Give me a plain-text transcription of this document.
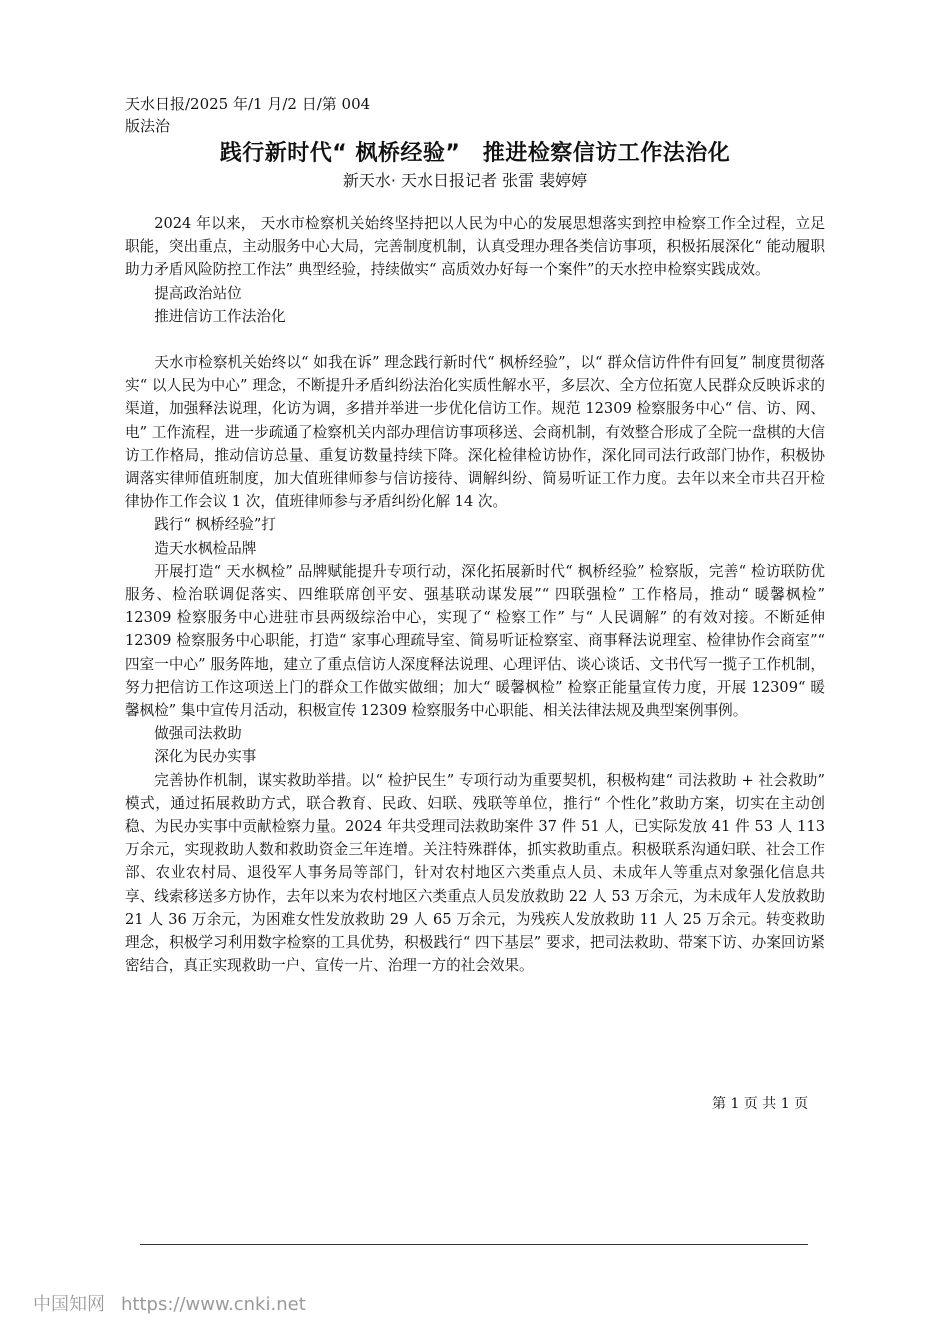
天水日报/2025 年/1 月/2 日/第 004
版法治
践行新时代“ 枫桥经验”　推进检察信访工作法治化
新天水· 天水日报记者 张雷 裴婷婷

2024 年以来， 天水市检察机关始终坚持把以人民为中心的发展思想落实到控申检察工作全过程，立足职能，突出重点，主动服务中心大局，完善制度机制，认真受理办理各类信访事项，积极拓展深化“ 能动履职助力矛盾风险防控工作法” 典型经验，持续做实“ 高质效办好每一个案件”的天水控申检察实践成效。

提高政治站位

推进信访工作法治化

天水市检察机关始终以“ 如我在诉” 理念践行新时代“ 枫桥经验”，以“ 群众信访件件有回复” 制度贯彻落实“ 以人民为中心” 理念，不断提升矛盾纠纷法治化实质性解水平，多层次、全方位拓宽人民群众反映诉求的渠道，加强释法说理，化访为调，多措并举进一步优化信访工作。规范 12309 检察服务中心“ 信、访、网、电” 工作流程，进一步疏通了检察机关内部办理信访事项移送、会商机制，有效整合形成了全院一盘棋的大信访工作格局，推动信访总量、重复访数量持续下降。深化检律检访协作，深化同司法行政部门协作，积极协调落实律师值班制度，加大值班律师参与信访接待、调解纠纷、简易听证工作力度。去年以来全市共召开检律协作工作会议 1 次，值班律师参与矛盾纠纷化解 14 次。

践行“ 枫桥经验”打

造天水枫检品牌

开展打造“ 天水枫检” 品牌赋能提升专项行动，深化拓展新时代“ 枫桥经验” 检察版，完善“ 检访联防优服务、检治联调促落实、四维联席创平安、强基联动谋发展”“ 四联强检” 工作格局，推动“ 暖馨枫检” 12309 检察服务中心进驻市县两级综治中心，实现了“ 检察工作” 与“ 人民调解” 的有效对接。不断延伸 12309 检察服务中心职能，打造“ 家事心理疏导室、简易听证检察室、商事释法说理室、检律协作会商室”“ 四室一中心” 服务阵地，建立了重点信访人深度释法说理、心理评估、谈心谈话、文书代写一揽子工作机制，努力把信访工作这项送上门的群众工作做实做细；加大“ 暖馨枫检” 检察正能量宣传力度，开展 12309“ 暖馨枫检” 集中宣传月活动，积极宣传 12309 检察服务中心职能、相关法律法规及典型案例事例。

做强司法救助

深化为民办实事

完善协作机制，谋实救助举措。以“ 检护民生” 专项行动为重要契机，积极构建“ 司法救助 + 社会救助” 模式，通过拓展救助方式，联合教育、民政、妇联、残联等单位，推行“ 个性化”救助方案，切实在主动创稳、为民办实事中贡献检察力量。2024 年共受理司法救助案件 37 件 51 人，已实际发放 41 件 53 人 113 万余元，实现救助人数和救助资金三年连增。关注特殊群体，抓实救助重点。积极联系沟通妇联、社会工作部、农业农村局、退役军人事务局等部门，针对农村地区六类重点人员、未成年人等重点对象强化信息共享、线索移送多方协作，去年以来为农村地区六类重点人员发放救助 22 人 53 万余元，为未成年人发放救助 21 人 36 万余元，为困难女性发放救助 29 人 65 万余元，为残疾人发放救助 11 人 25 万余元。转变救助理念，积极学习利用数字检察的工具优势，积极践行“ 四下基层” 要求，把司法救助、带案下访、办案回访紧密结合，真正实现救助一户、宣传一片、治理一方的社会效果。

第 1 页 共 1 页
中国知网 https://www.cnki.net
